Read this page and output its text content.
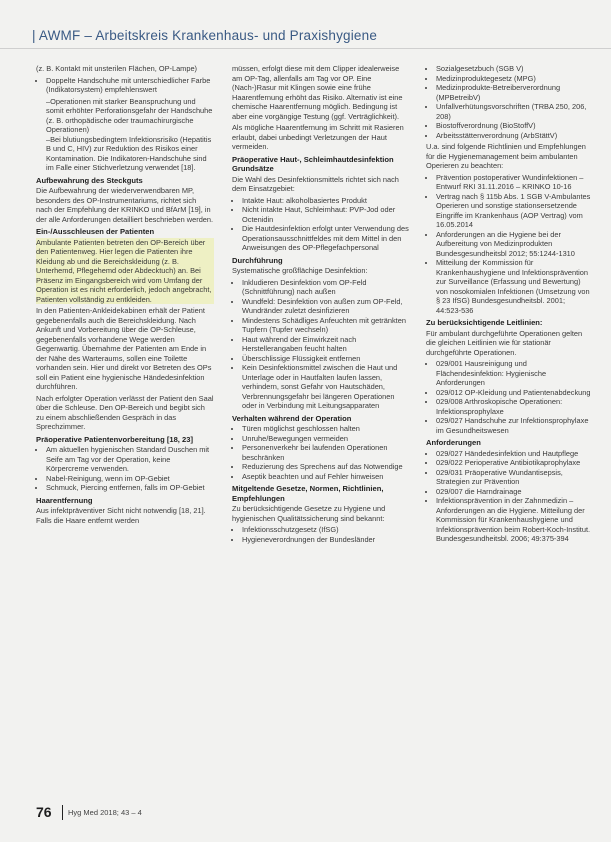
| AWMF – Arbeitskreis Krankenhaus- und Praxishygiene

(z. B. Kontakt mit unsterilen Flächen, OP-Lampe)

• Doppelte Handschuhe mit unterschiedlicher Farbe (Indikatorsystem) empfehlenswert
– Operationen mit starker Beanspruchung und somit erhöhter Perforationsgefahr der Handschuhe (z. B. orthopädische oder traumachirurgische Operationen)
– Bei blutiungsbedingtem Infektionsrisiko (Hepatitis B und C, HIV) zur Reduktion des Risikos einer Kontamination. Die Indikatoren-Handschuhe sind im Falle einer Stichverletzung verwendet [18].
Aufbewahrung des Steckguts

Die Aufbewahrung der wiederverwendbaren MP, besonders des OP-Instrumentariums, richtet sich nach der Empfehlung der KRINKO und BfArM [19], in der alle Anforderungen detailliert beschrieben werden.

Ein-/Ausschleusen der Patienten

Ambulante Patienten betreten den OP-Bereich über den Patientenweg. Hier legen die Patienten ihre Kleidung ab und die Bereichskleidung (z. B. Unterhemd, Pflegehemd oder Abdecktuch) an. Bei Präsenz im Eingangsbereich wird vom Umfang der Operation ist es nicht erforderlich, jedoch angebracht, Patienten vollständig zu entkleiden.

In den Patienten-Ankleidekabinen erhält der Patient gegebenenfalls auch die Bereichskleidung. Nach Ankunft und Vorbereitung über die OP-Schleuse, gegebenenfalls vorhandene Wege werden Gegenwartig. Übernahme der Patienten am Ende in der Nähe des Warteraums, sollen eine Toilette vorhanden sein. Hier und direkt vor Betreten des OPs soll ein Patient eine hygienische Händedesinfektion durchführen.

Nach erfolgter Operation verlässt der Patient den Saal über die Schleuse. Den OP-Bereich und begibt sich zu einem abschließenden Gespräch in das Sprechzimmer.

Präoperative Patientenvorbereitung [18, 23]
• Am aktuellen hygienischen Standard Duschen mit Seife am Tag vor der Operation, keine Körpercreme verwenden.
• Nabel-Reinigung, wenn im OP-Gebiet
• Schmuck, Piercing entfernen, falls im OP-Gebiet
Haarentfernung

Aus infektpräventiver Sicht nicht notwendig [18, 21]. Falls die Haare entfernt werden

müssen, erfolgt diese mit dem Clipper idealerweise am OP-Tag, allenfalls am Tag vor OP. Eine (Nach-)Rasur mit Klingen sowie eine frühe Haarentfernung erhöht das Risiko. Alternativ ist eine chemische Haarentfernung möglich. Bedingung ist aber eine vorgängige Testung (ggf. Verträglichkeit).

Als mögliche Haarentfernung im Schritt mit Rasieren erlaubt, dabei unbedingt Verletzungen der Haut vermeiden.

Präoperative Haut-, Schleimhautdesinfektion Grundsätze

Die Wahl des Desinfektionsmittels richtet sich nach dem Einsatzgebiet:

• Intakte Haut: alkoholbasiertes Produkt
• Nicht intakte Haut, Schleimhaut: PVP-Jod oder Octenidin
• Die Hautdesinfektion erfolgt unter Verwendung des Operationsausschnittfeldes mit dem Mittel in den Anweisungen des OP-Pflegefachpersonal
Durchführung

Systematische großflächige Desinfektion:

• Inkludieren Desinfektion vom OP-Feld (Schnittführung) nach außen
• Wundfeld: Desinfektion von außen zum OP-Feld, Wundränder zuletzt desinfizieren
• Mindestens Schädliges Anfeuchten mit getränkten Tupfern (Tupfer wechseln)
• Haut während der Einwirkzeit nach Herstellerangaben feucht halten
• Überschlissige Flüssigkeit entfernen
• Kein Desinfektionsmittel zwischen die Haut und Unterlage oder in Hautfalten laufen lassen, verhindern, sonst Gefahr von Hautschäden, Verbrennungsgefahr bei längeren Operationen oder in Verbindung mit Leitungsapparaten
Verhalten während der Operation
• Türen möglichst geschlossen halten
• Unruhe/Bewegungen vermeiden
• Personenverkehr bei laufenden Operationen beschränken
• Reduzierung des Sprechens auf das Notwendige
• Aseptik beachten und auf Fehler hinweisen
Mitgeltende Gesetze, Normen, Richtlinien, Empfehlungen

Zu berücksichtigende Gesetze zu Hygiene und hygienischen Qualitätssicherung sind bekannt:

• Infektionsschutzgesetz (IfSG)
• Hygieneverordnungen der Bundesländer
• Sozialgesetzbuch (SGB V)
• Medizinproduktegesetz (MPG)
• Medizinprodukte-Betreiberverordnung (MPBetreibV)
• Unfallverhütungsvorschriften (TRBA 250, 206, 208)
• Biostoffverordnung (BioStoffV)
• Arbeitsstättenverordnung (ArbStättV)

U.a. sind folgende Richtlinien und Empfehlungen für die Hygienemanagement beim ambulanten Operieren zu beachten:

• Prävention postoperativer Wundinfektionen – Entwurf RKI 31.11.2016 – KRINKO 10-16
• Vertrag nach § 115b Abs. 1 SGB V-Ambulantes Operieren und sonstige stationsersetzende Eingriffe im Krankenhaus (AOP Vertrag) vom 16.05.2014
• Anforderungen an die Hygiene bei der Aufbereitung von Medizinprodukten Bundesgesundheitsbl 2012; 55:1244-1310
• Mitteilung der Kommission für Krankenhaushygiene und Infektionsprävention zur Surveillance (Erfassung und Bewertung) von nosokomialen Infektionen (Umsetzung von § 23 IfSG) Bundesgesundheitsbl. 2001; 44:523-536
Zu berücksichtigende Leitlinien:

Für ambulant durchgeführte Operationen gelten die gleichen Leitlinien wie für stationär durchgeführte Operationen.

• 029/001 Hausreinigung und Flächendesinfektion: Hygienische Anforderungen
• 029/012 OP-Kleidung und Patientenabdeckung
• 029/008 Arthroskopische Operationen: Infektionsprophylaxe
• 029/027 Handschuhe zur Infektionsprophylaxe im Gesundheitswesen
Anforderungen
• 029/027 Händedesinfektion und Hautpflege
• 029/022 Perioperative Antibiotikaprophylaxe
• 029/031 Präoperative Wundantisepsis, Strategien zur Prävention
• 029/007 die Harndrainage
• Infektionsprävention in der Zahnmedizin – Anforderungen an die Hygiene. Mitteilung der Kommission für Krankenhaushygiene und Infektionsprävention beim Robert-Koch-Institut. Bundesgesundheitsbl. 2006; 49:375-394
76 Hyg Med 2018; 43 – 4
